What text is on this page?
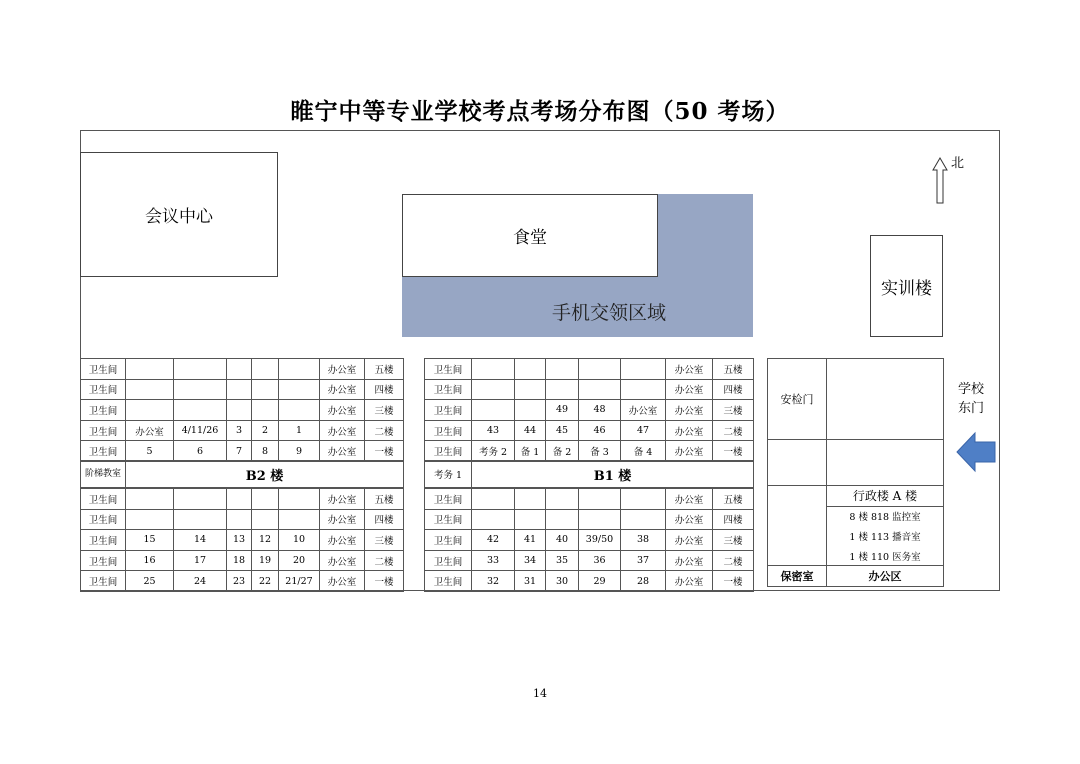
睢宁中等专业学校考点考场分布图（50 考场）
会议中心
手机交领区域
食堂
实训楼
北
卫生间						办公室	五楼
卫生间						办公室	四楼
卫生间						办公室	三楼
卫生间	办公室	4/11/26	3	2	1	办公室	二楼
卫生间	5	6	7	8	9	办公室	一楼
阶梯教室	B2 楼
卫生间						办公室	五楼
卫生间						办公室	四楼
卫生间	15	14	13	12	10	办公室	三楼
卫生间	16	17	18	19	20	办公室	二楼
卫生间	25	24	23	22	21/27	办公室	一楼
卫生间						办公室	五楼
卫生间						办公室	四楼
卫生间			49	48	办公室	办公室	三楼
卫生间	43	44	45	46	47	办公室	二楼
卫生间	考务 2	备 1	备 2	备 3	备 4	办公室	一楼
考务 1	B1 楼
卫生间						办公室	五楼
卫生间						办公室	四楼
卫生间	42	41	40	39/50	38	办公室	三楼
卫生间	33	34	35	36	37	办公室	二楼
卫生间	32	31	30	29	28	办公室	一楼
安检门	

	行政楼 A 楼
	8 楼 818 监控室
	1 楼 113 播音室
	1 楼 110 医务室
保密室	办公区
学校
东门
14
